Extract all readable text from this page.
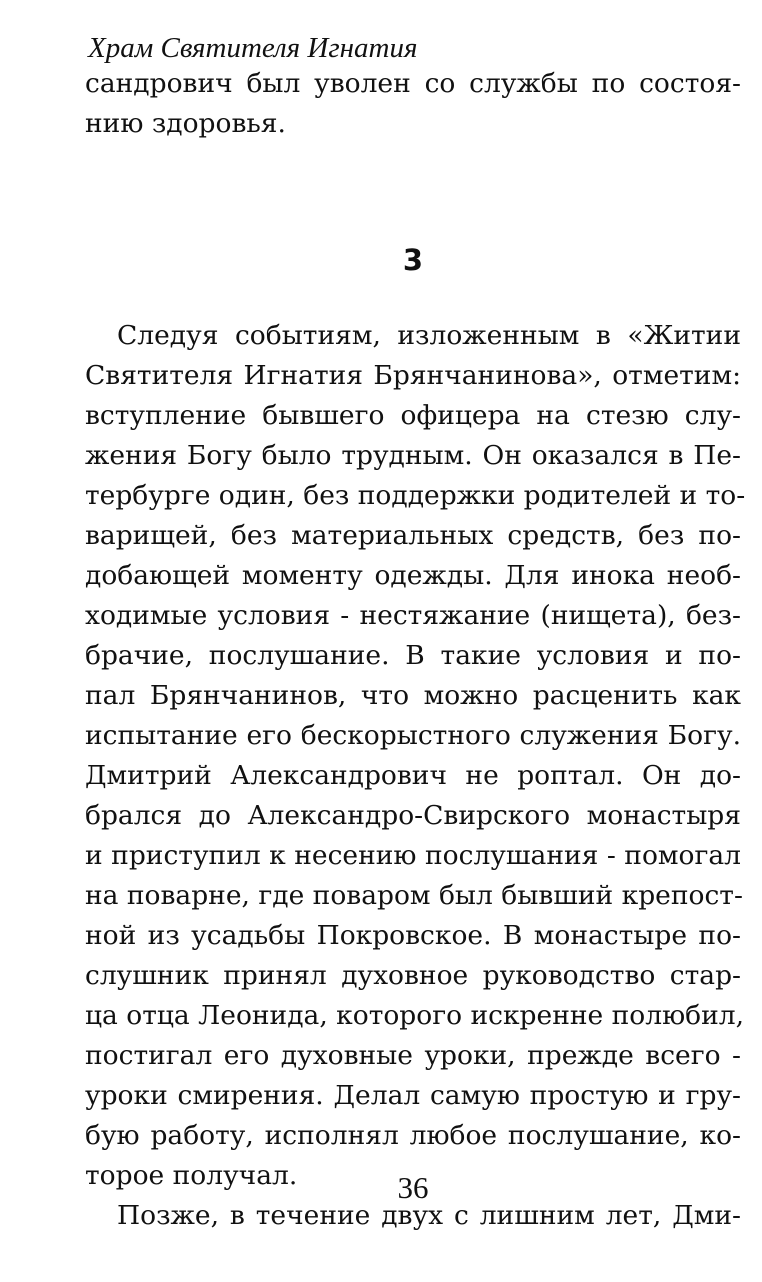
Храм Святителя Игнатия
сандрович был уволен со службы по состоя-
нию здоровья.
3
Следуя событиям, изложенным в «Житии
Святителя Игнатия Брянчанинова», отметим:
вступление бывшего офицера на стезю слу-
жения Богу было трудным. Он оказался в Пе-
тербурге один, без поддержки родителей и то-
варищей, без материальных средств, без по-
добающей моменту одежды. Для инока необ-
ходимые условия - нестяжание (нищета), без-
брачие, послушание. В такие условия и по-
пал Брянчанинов, что можно расценить как
испытание его бескорыстного служения Богу.
Дмитрий Александрович не роптал. Он до-
брался до Александро-Свирского монастыря
и приступил к несению послушания - помогал
на поварне, где поваром был бывший крепост-
ной из усадьбы Покровское. В монастыре по-
слушник принял духовное руководство стар-
ца отца Леонида, которого искренне полюбил,
постигал его духовные уроки, прежде всего -
уроки смирения. Делал самую простую и гру-
бую работу, исполнял любое послушание, ко-
торое получал.
Позже, в течение двух с лишним лет, Дми-
36
